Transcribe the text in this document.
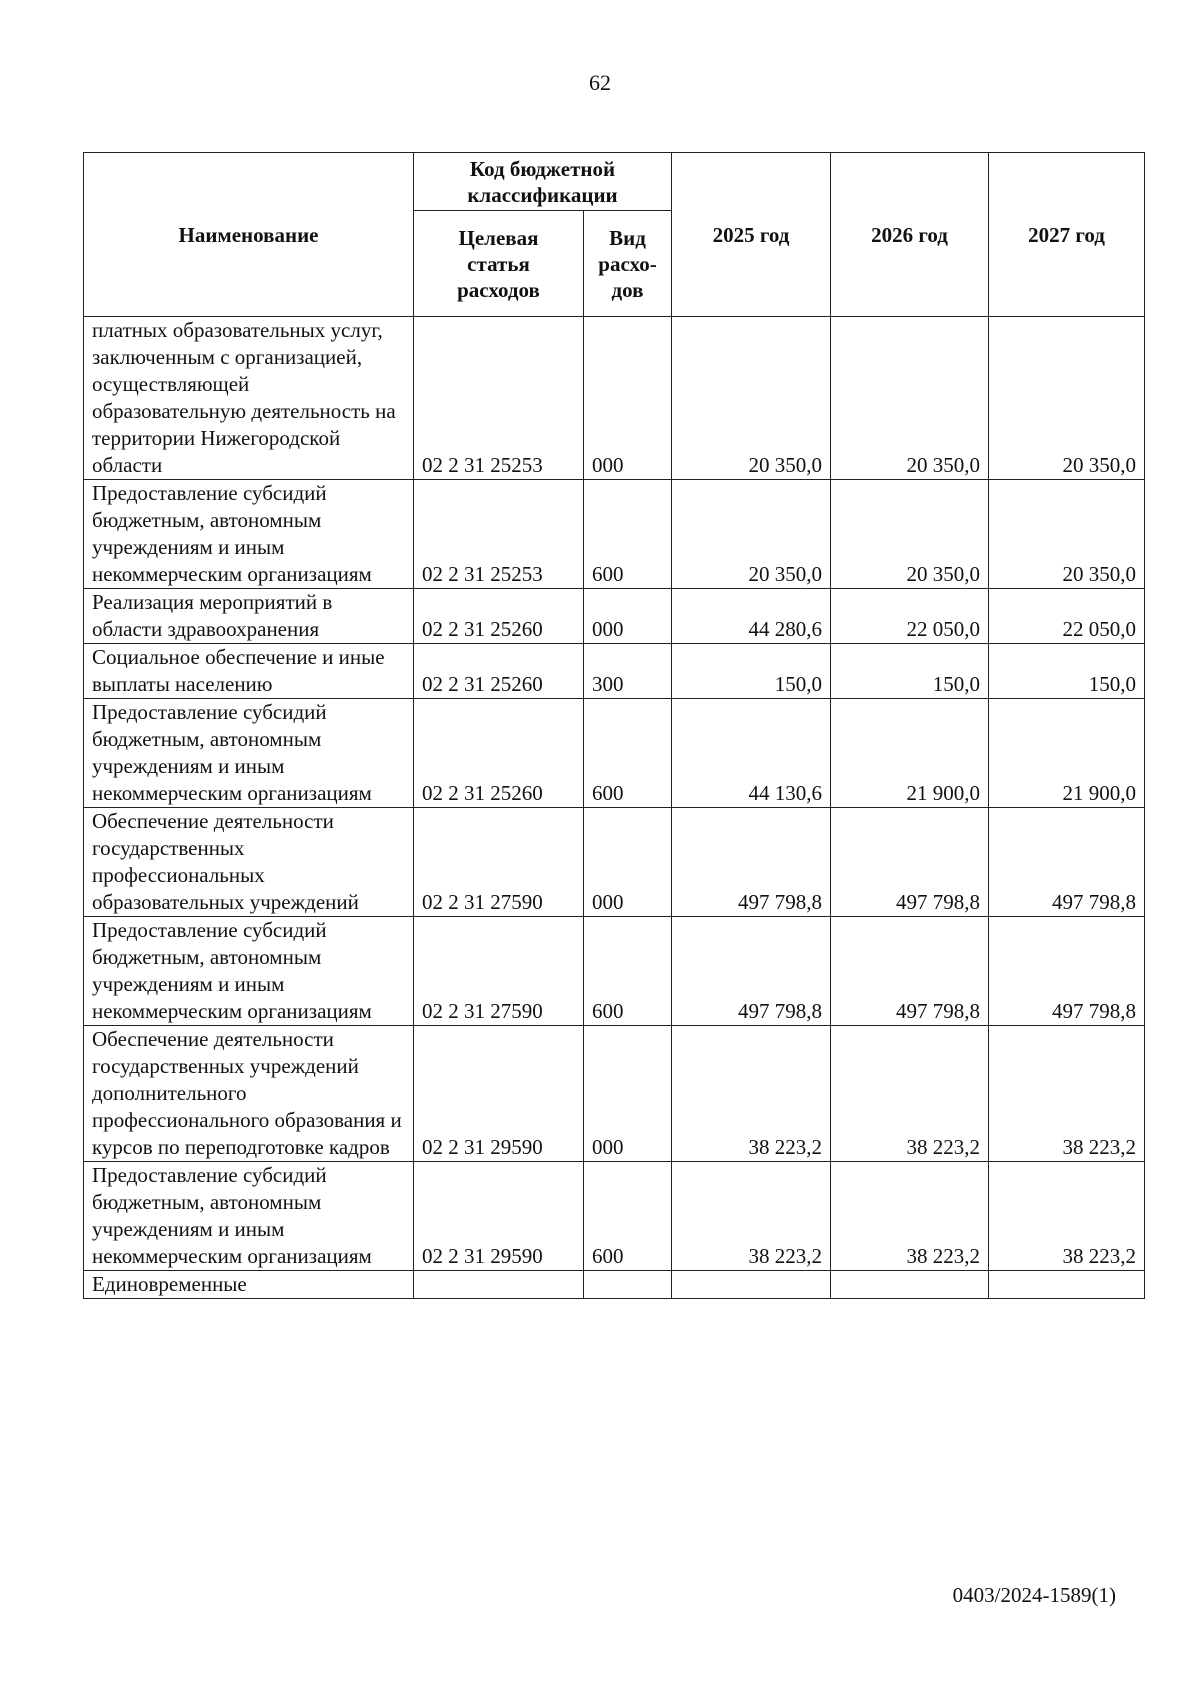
62
Наименование	Код бюджетной классификации		2025 год	2026 год	2027 год
	Целевая статья расходов	Вид расхо-дов			
платных образовательных услуг, заключенным с организацией, осуществляющей образовательную деятельность на территории Нижегородской области	02 2 31 25253	000	20 350,0	20 350,0	20 350,0
Предоставление субсидий бюджетным, автономным учреждениям и иным некоммерческим организациям	02 2 31 25253	600	20 350,0	20 350,0	20 350,0
Реализация мероприятий в области здравоохранения	02 2 31 25260	000	44 280,6	22 050,0	22 050,0
Социальное обеспечение и иные выплаты населению	02 2 31 25260	300	150,0	150,0	150,0
Предоставление субсидий бюджетным, автономным учреждениям и иным некоммерческим организациям	02 2 31 25260	600	44 130,6	21 900,0	21 900,0
Обеспечение деятельности государственных профессиональных образовательных учреждений	02 2 31 27590	000	497 798,8	497 798,8	497 798,8
Предоставление субсидий бюджетным, автономным учреждениям и иным некоммерческим организациям	02 2 31 27590	600	497 798,8	497 798,8	497 798,8
Обеспечение деятельности государственных учреждений дополнительного профессионального образования и курсов по переподготовке кадров	02 2 31 29590	000	38 223,2	38 223,2	38 223,2
Предоставление субсидий бюджетным, автономным учреждениям и иным некоммерческим организациям	02 2 31 29590	600	38 223,2	38 223,2	38 223,2
Единовременные					
0403/2024-1589(1)
